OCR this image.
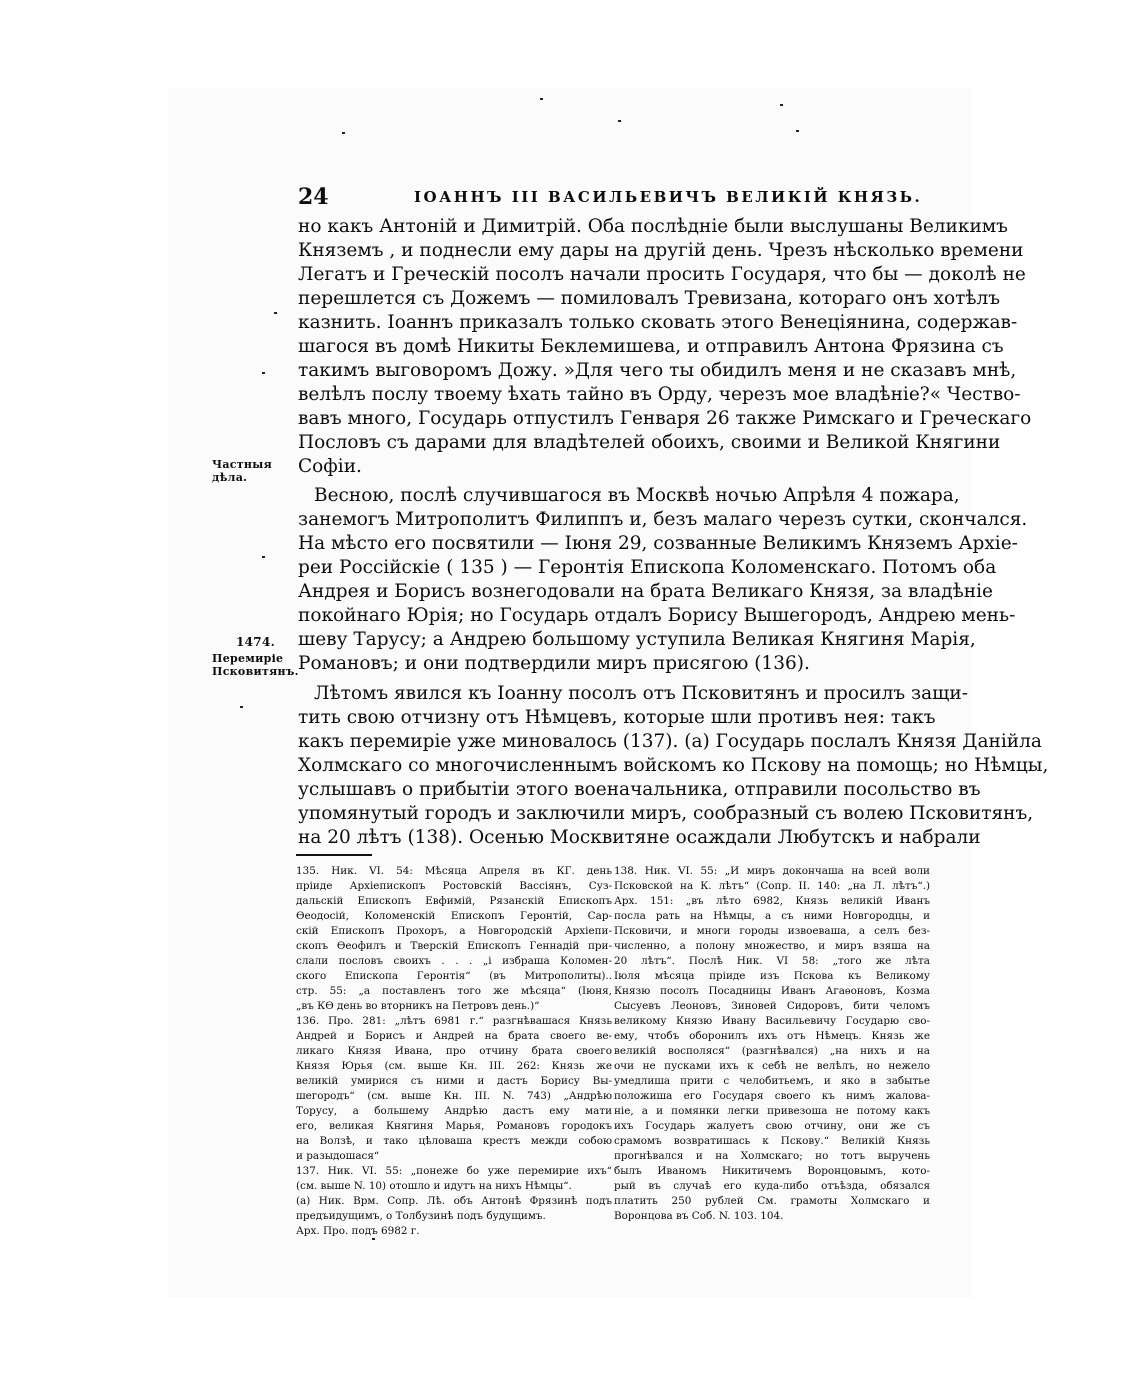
24	ІОАННЪ III ВАСИЛЬЕВИЧЪ ВЕЛИКІЙ КНЯЗЬ.
Частныя
дѣла.
1474.
Перемиріе
Псковитянъ.
но какъ Антоній и Димитрій. Оба послѣдніе были выслушаны Великимъ
Княземъ , и поднесли ему дары на другій день. Чрезъ нѣсколько времени
Легатъ и Греческій посолъ начали просить Государя, что бы — доколѣ не
перешлется съ Дожемъ — помиловалъ Тревизана, котораго онъ хотѣлъ
казнить. Іоаннъ приказалъ только сковать этого Венеціянина, содержав-
шагося въ домѣ Никиты Беклемишева, и отправилъ Антона Фрязина съ
такимъ выговоромъ Дожу. »Для чего ты обидилъ меня и не сказавъ мнѣ,
велѣлъ послу твоему ѣхать тайно въ Орду, черезъ мое владѣніе?« Чество-
вавъ много, Государь отпустилъ Генваря 26 также Римскаго и Греческаго
Пословъ съ дарами для владѣтелей обоихъ, своими и Великой Княгини
Софіи.
Весною, послѣ случившагося въ Москвѣ ночью Апрѣля 4 пожара,
занемогъ Митрополитъ Филиппъ и, безъ малаго черезъ сутки, скончался.
На мѣсто его посвятили — Іюня 29, созванные Великимъ Княземъ Архіе-
реи Россійскіе ( 135 ) — Геронтія Епископа Коломенскаго. Потомъ оба
Андрея и Борисъ вознегодовали на брата Великаго Князя, за владѣніе
покойнаго Юрія; но Государь отдалъ Борису Вышегородъ, Андрею мень-
шеву Тарусу; а Андрею большому уступила Великая Княгиня Марія,
Романовъ; и они подтвердили миръ присягою (136).
Лѣтомъ явился къ Іоанну посолъ отъ Псковитянъ и просилъ защи-
тить свою отчизну отъ Нѣмцевъ, которые шли противъ нея: такъ
какъ перемиріе уже миновалось (137). (а) Государь послалъ Князя Данійла
Холмскаго со многочисленнымъ войскомъ ко Пскову на помощь; но Нѣмцы,
услышавъ о прибытіи этого военачальника, отправили посольство въ
упомянутый городъ и заключили миръ, сообразный съ волею Псковитянъ,
на 20 лѣтъ (138). Осенью Москвитяне осаждали Любутскъ и набрали
135. Ник. VI. 54: Мѣсяца Апреля въ КГ. день
пріиде Архіепископъ Ростовскій Вассіянъ, Суз-
дальскій Епископъ Евфимій, Рязанскій Епископъ
Ѳеодосій, Коломенскій Епископъ Геронтій, Сар-
скій Епископъ Прохоръ, а Новгородскій Архіепи-
скопъ Ѳеофилъ и Тверскій Епископъ Геннадій при-
слали пословъ своихъ . . . „і избраша Коломен-
ского Епископа Геронтія“ (въ Митрополиты)..
стр. 55: „а поставленъ того же мѣсяца“ (Іюня,
„въ КѲ день во вторникъ на Петровъ день.)“
136. Про. 281: „лѣтъ 6981 г.“ разгнѣвашася Князь
Андрей и Борисъ и Андрей на брата своего ве-
ликаго Князя Ивана, про отчину брата своего
Князя Юрья (см. выше Кн. III. 262: Князь же
великій умирися съ ними и дастъ Борису Вы-
шегородъ“ (см. выше Кн. III. N. 743) „Андрѣю
Торусу, а большему Андрѣю дастъ ему мати
его, великая Княгиня Марья, Романовъ городокъ
на Волзѣ, и тако цѣловаша крестъ межди собою
и разыдошася“
137. Ник. VI. 55: „понеже бо уже перемирие ихъ“
(см. выше N. 10) отошло и идутъ на нихъ Нѣмцы“.
(а) Ник. Врм. Сопр. Лѣ. объ Антонѣ Фрязинѣ подъ
предъидущимъ, о Толбузинѣ подъ будущимъ.
Арх. Про. подъ 6982 г.
138. Ник. VI. 55: „И миръ докончаша на всей воли
Псковской на К. лѣтъ“ (Сопр. II. 140: „на Л. лѣтъ“.)
Арх. 151: „въ лѣто 6982, Князь великій Иванъ
посла рать на Нѣмцы, а съ ними Новгородцы, и
Псковичи, и многи городы извоеваша, а селъ без-
численно, а полону множество, и миръ взяша на
20 лѣтъ“. Послѣ Ник. VI 58: „того же лѣта
Іюля мѣсяца пріиде изъ Пскова къ Великому
Князю посолъ Посадницы Иванъ Агаѳоновъ, Козма
Сысуевъ Леоновъ, Зиновей Сидоровъ, бити челомъ
великому Князю Ивану Васильевичу Государю сво-
ему, чтобъ оборонилъ ихъ отъ Нѣмецъ. Князь же
великій восполяся“ (разгнѣвался) „на нихъ и на
очи не пусками ихъ к себѣ не велѣлъ, но нежело
умедлиша прити с челобитьемъ, и яко в забытье
положиша его Государя своего къ нимъ жалова-
ніе, а и помянки легки привезоша не потому какъ
ихъ Государь жалуетъ свою отчину, они же съ
срамомъ возвратишась к Пскову.“ Великій Князь
прогнѣвался и на Холмскаго; но тотъ выручень
былъ Иваномъ Никитичемъ Воронцовымъ, кото-
рый въ случаѣ его куда-либо отъѣзда, обязался
платить 250 рублей См. грамоты Холмскаго и
Воронцова въ Соб. N. 103. 104.
